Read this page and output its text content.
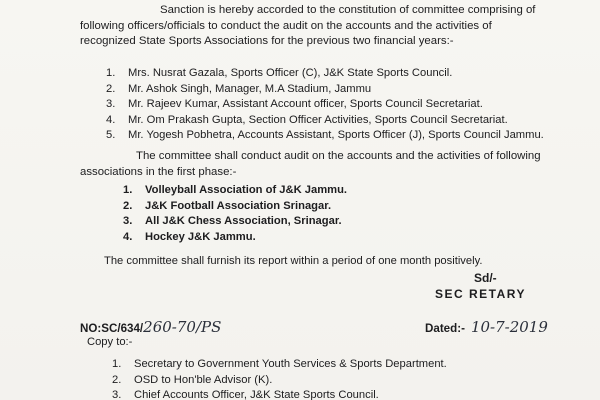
Sanction is hereby accorded to the constitution of committee comprising of
following officers/officials to conduct the audit on the accounts and the activities of
recognized State Sports Associations for the previous two financial years:-
1. Mrs. Nusrat Gazala, Sports Officer (C), J&K State Sports Council.
2. Mr. Ashok Singh, Manager, M.A Stadium, Jammu
3. Mr. Rajeev Kumar, Assistant Account officer, Sports Council Secretariat.
4. Mr. Om Prakash Gupta, Section Officer Activities, Sports Council Secretariat.
5. Mr. Yogesh Pobhetra, Accounts Assistant, Sports Officer (J), Sports Council Jammu.
The committee shall conduct audit on the accounts and the activities of following
associations in the first phase:-
1. Volleyball Association of J&K Jammu.
2. J&K Football Association Srinagar.
3. All J&K Chess Association, Srinagar.
4. Hockey J&K Jammu.
The committee shall furnish its report within a period of one month positively.
Sd/-
SEC RETARY
NO:SC/634/260-70/PS	Dated:- 10-7-2019
Copy to:-
1. Secretary to Government Youth Services & Sports Department.
2. OSD to Hon'ble Advisor (K).
3. Chief Accounts Officer, J&K State Sports Council.
